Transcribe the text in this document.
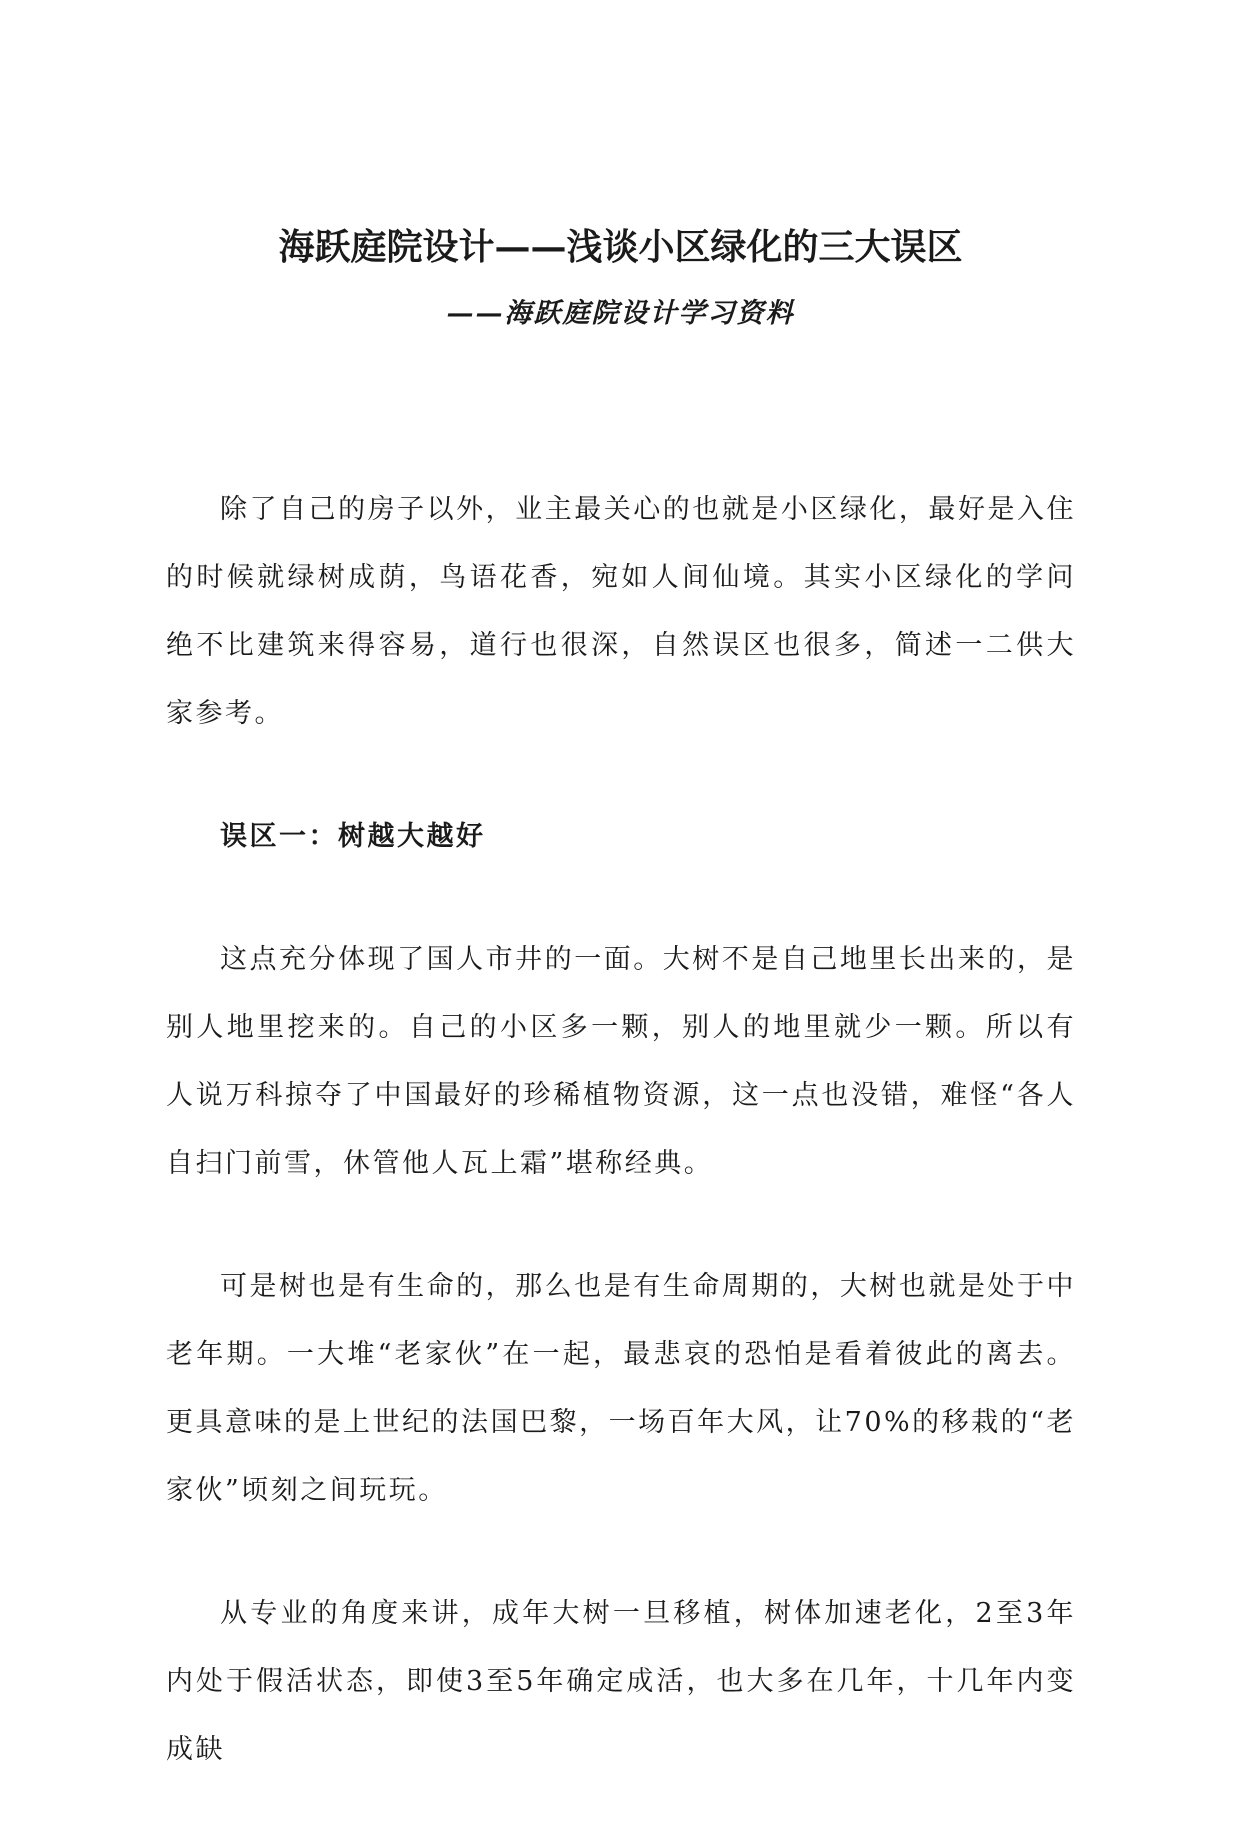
海跃庭院设计——浅谈小区绿化的三大误区
——海跃庭院设计学习资料

除了自己的房子以外，业主最关心的也就是小区绿化，最好是入住的时候就绿树成荫，鸟语花香，宛如人间仙境。其实小区绿化的学问绝不比建筑来得容易，道行也很深，自然误区也很多，简述一二供大家参考。

误区一：树越大越好

这点充分体现了国人市井的一面。大树不是自己地里长出来的，是别人地里挖来的。自己的小区多一颗，别人的地里就少一颗。所以有人说万科掠夺了中国最好的珍稀植物资源，这一点也没错，难怪“各人自扫门前雪，休管他人瓦上霜”堪称经典。

可是树也是有生命的，那么也是有生命周期的，大树也就是处于中老年期。一大堆“老家伙”在一起，最悲哀的恐怕是看着彼此的离去。更具意味的是上世纪的法国巴黎，一场百年大风，让70%的移栽的“老家伙”顷刻之间玩玩。

从专业的角度来讲，成年大树一旦移植，树体加速老化，2至3年内处于假活状态，即使3至5年确定成活，也大多在几年，十几年内变成缺
